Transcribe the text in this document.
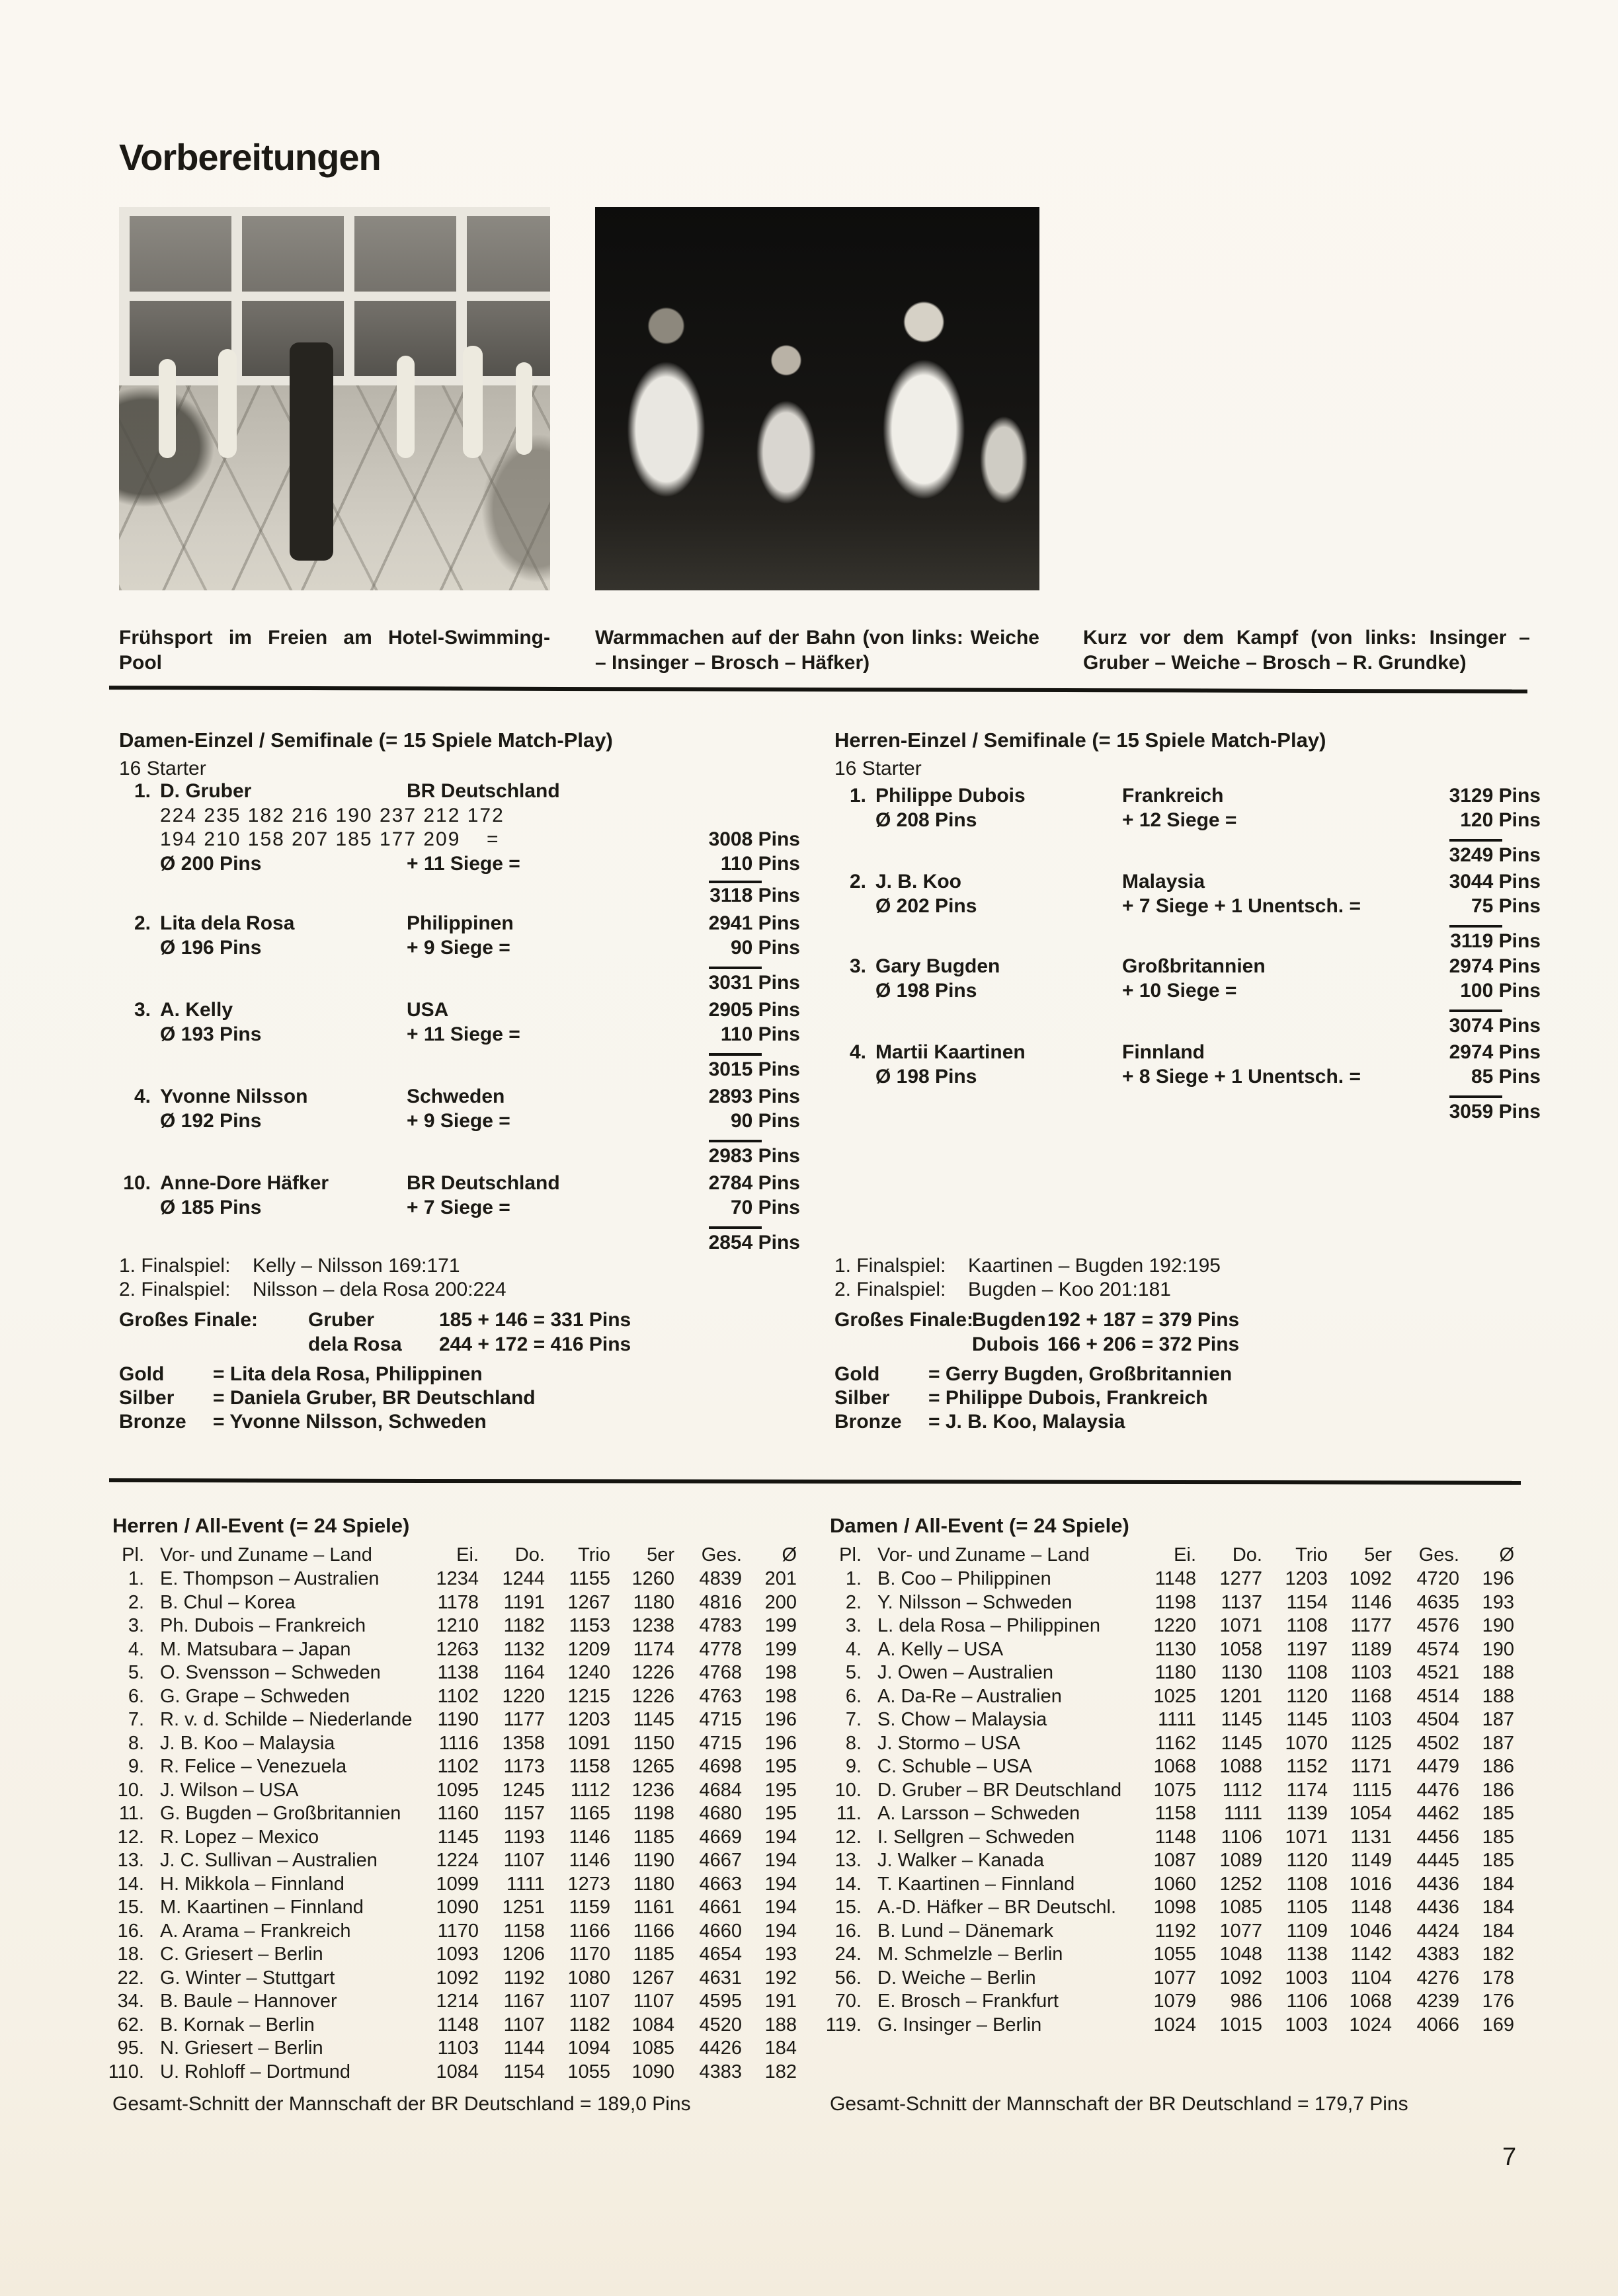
Vorbereitungen
Frühsport im Freien am Hotel-Swimming-Pool
Warmmachen auf der Bahn (von links: Weiche – Insinger – Brosch – Häfker)
Kurz vor dem Kampf (von links: Insinger – Gruber – Weiche – Brosch – R. Grundke)
Damen-Einzel / Semifinale (= 15 Spiele Match-Play)
16 Starter
1. D. Gruber	BR Deutschland
224 235 182 216 190 237 212 172
194 210 158 207 185 177 209 =	3008 Pins
Ø 200 Pins	+ 11 Siege =	110 Pins
3118 Pins
2. Lita dela Rosa	Philippinen	2941 Pins
Ø 196 Pins	+ 9 Siege =	90 Pins
3031 Pins
3. A. Kelly	USA	2905 Pins
Ø 193 Pins	+ 11 Siege =	110 Pins
3015 Pins
4. Yvonne Nilsson	Schweden	2893 Pins
Ø 192 Pins	+ 9 Siege =	90 Pins
2983 Pins
10. Anne-Dore Häfker	BR Deutschland	2784 Pins
Ø 185 Pins	+ 7 Siege =	70 Pins
2854 Pins
1. Finalspiel: Kelly – Nilsson 169:171
2. Finalspiel: Nilsson – dela Rosa 200:224
Großes Finale:	Gruber	185 + 146 = 331 Pins
dela Rosa 244 + 172 = 416 Pins
Gold = Lita dela Rosa, Philippinen
Silber = Daniela Gruber, BR Deutschland
Bronze = Yvonne Nilsson, Schweden
Herren-Einzel / Semifinale (= 15 Spiele Match-Play)
16 Starter
1. Philippe Dubois	Frankreich	3129 Pins
Ø 208 Pins	+ 12 Siege =	120 Pins
3249 Pins
2. J. B. Koo	Malaysia	3044 Pins
Ø 202 Pins	+ 7 Siege + 1 Unentsch. =	75 Pins
3119 Pins
3. Gary Bugden	Großbritannien	2974 Pins
Ø 198 Pins	+ 10 Siege =	100 Pins
3074 Pins
4. Martii Kaartinen	Finnland	2974 Pins
Ø 198 Pins	+ 8 Siege + 1 Unentsch. =	85 Pins
3059 Pins
1. Finalspiel: Kaartinen – Bugden 192:195
2. Finalspiel: Bugden – Koo 201:181
Großes Finale:
Bugden 192 + 187 = 379 Pins
Dubois 166 + 206 = 372 Pins
Gold = Gerry Bugden, Großbritannien
Silber = Philippe Dubois, Frankreich
Bronze = J. B. Koo, Malaysia
Herren / All-Event (= 24 Spiele)
Pl. Vor- und Zuname – Land	Ei.	Do.	Trio	5er	Ges.	Ø
1. E. Thompson – Australien	1234	1244	1155	1260	4839	201
2. B. Chul – Korea	1178	1191	1267	1180	4816	200
3. Ph. Dubois – Frankreich	1210	1182	1153	1238	4783	199
4. M. Matsubara – Japan	1263	1132	1209	1174	4778	199
5. O. Svensson – Schweden	1138	1164	1240	1226	4768	198
6. G. Grape – Schweden	1102	1220	1215	1226	4763	198
7. R. v. d. Schilde – Niederlande	1190	1177	1203	1145	4715	196
8. J. B. Koo – Malaysia	1116	1358	1091	1150	4715	196
9. R. Felice – Venezuela	1102	1173	1158	1265	4698	195
10. J. Wilson – USA	1095	1245	1112	1236	4684	195
11. G. Bugden – Großbritannien	1160	1157	1165	1198	4680	195
12. R. Lopez – Mexico	1145	1193	1146	1185	4669	194
13. J. C. Sullivan – Australien	1224	1107	1146	1190	4667	194
14. H. Mikkola – Finnland	1099	1111	1273	1180	4663	194
15. M. Kaartinen – Finnland	1090	1251	1159	1161	4661	194
16. A. Arama – Frankreich	1170	1158	1166	1166	4660	194
18. C. Griesert – Berlin	1093	1206	1170	1185	4654	193
22. G. Winter – Stuttgart	1092	1192	1080	1267	4631	192
34. B. Baule – Hannover	1214	1167	1107	1107	4595	191
62. B. Kornak – Berlin	1148	1107	1182	1084	4520	188
95. N. Griesert – Berlin	1103	1144	1094	1085	4426	184
110. U. Rohloff – Dortmund	1084	1154	1055	1090	4383	182
Gesamt-Schnitt der Mannschaft der BR Deutschland = 189,0 Pins
Damen / All-Event (= 24 Spiele)
Pl. Vor- und Zuname – Land	Ei.	Do.	Trio	5er	Ges.	Ø
1. B. Coo – Philippinen	1148	1277	1203	1092	4720	196
2. Y. Nilsson – Schweden	1198	1137	1154	1146	4635	193
3. L. dela Rosa – Philippinen	1220	1071	1108	1177	4576	190
4. A. Kelly – USA	1130	1058	1197	1189	4574	190
5. J. Owen – Australien	1180	1130	1108	1103	4521	188
6. A. Da-Re – Australien	1025	1201	1120	1168	4514	188
7. S. Chow – Malaysia	1111	1145	1145	1103	4504	187
8. J. Stormo – USA	1162	1145	1070	1125	4502	187
9. C. Schuble – USA	1068	1088	1152	1171	4479	186
10. D. Gruber – BR Deutschland	1075	1112	1174	1115	4476	186
11. A. Larsson – Schweden	1158	1111	1139	1054	4462	185
12. I. Sellgren – Schweden	1148	1106	1071	1131	4456	185
13. J. Walker – Kanada	1087	1089	1120	1149	4445	185
14. T. Kaartinen – Finnland	1060	1252	1108	1016	4436	184
15. A.-D. Häfker – BR Deutschl.	1098	1085	1105	1148	4436	184
16. B. Lund – Dänemark	1192	1077	1109	1046	4424	184
24. M. Schmelzle – Berlin	1055	1048	1138	1142	4383	182
56. D. Weiche – Berlin	1077	1092	1003	1104	4276	178
70. E. Brosch – Frankfurt	1079	986	1106	1068	4239	176
119. G. Insinger – Berlin	1024	1015	1003	1024	4066	169
Gesamt-Schnitt der Mannschaft der BR Deutschland = 179,7 Pins
7
